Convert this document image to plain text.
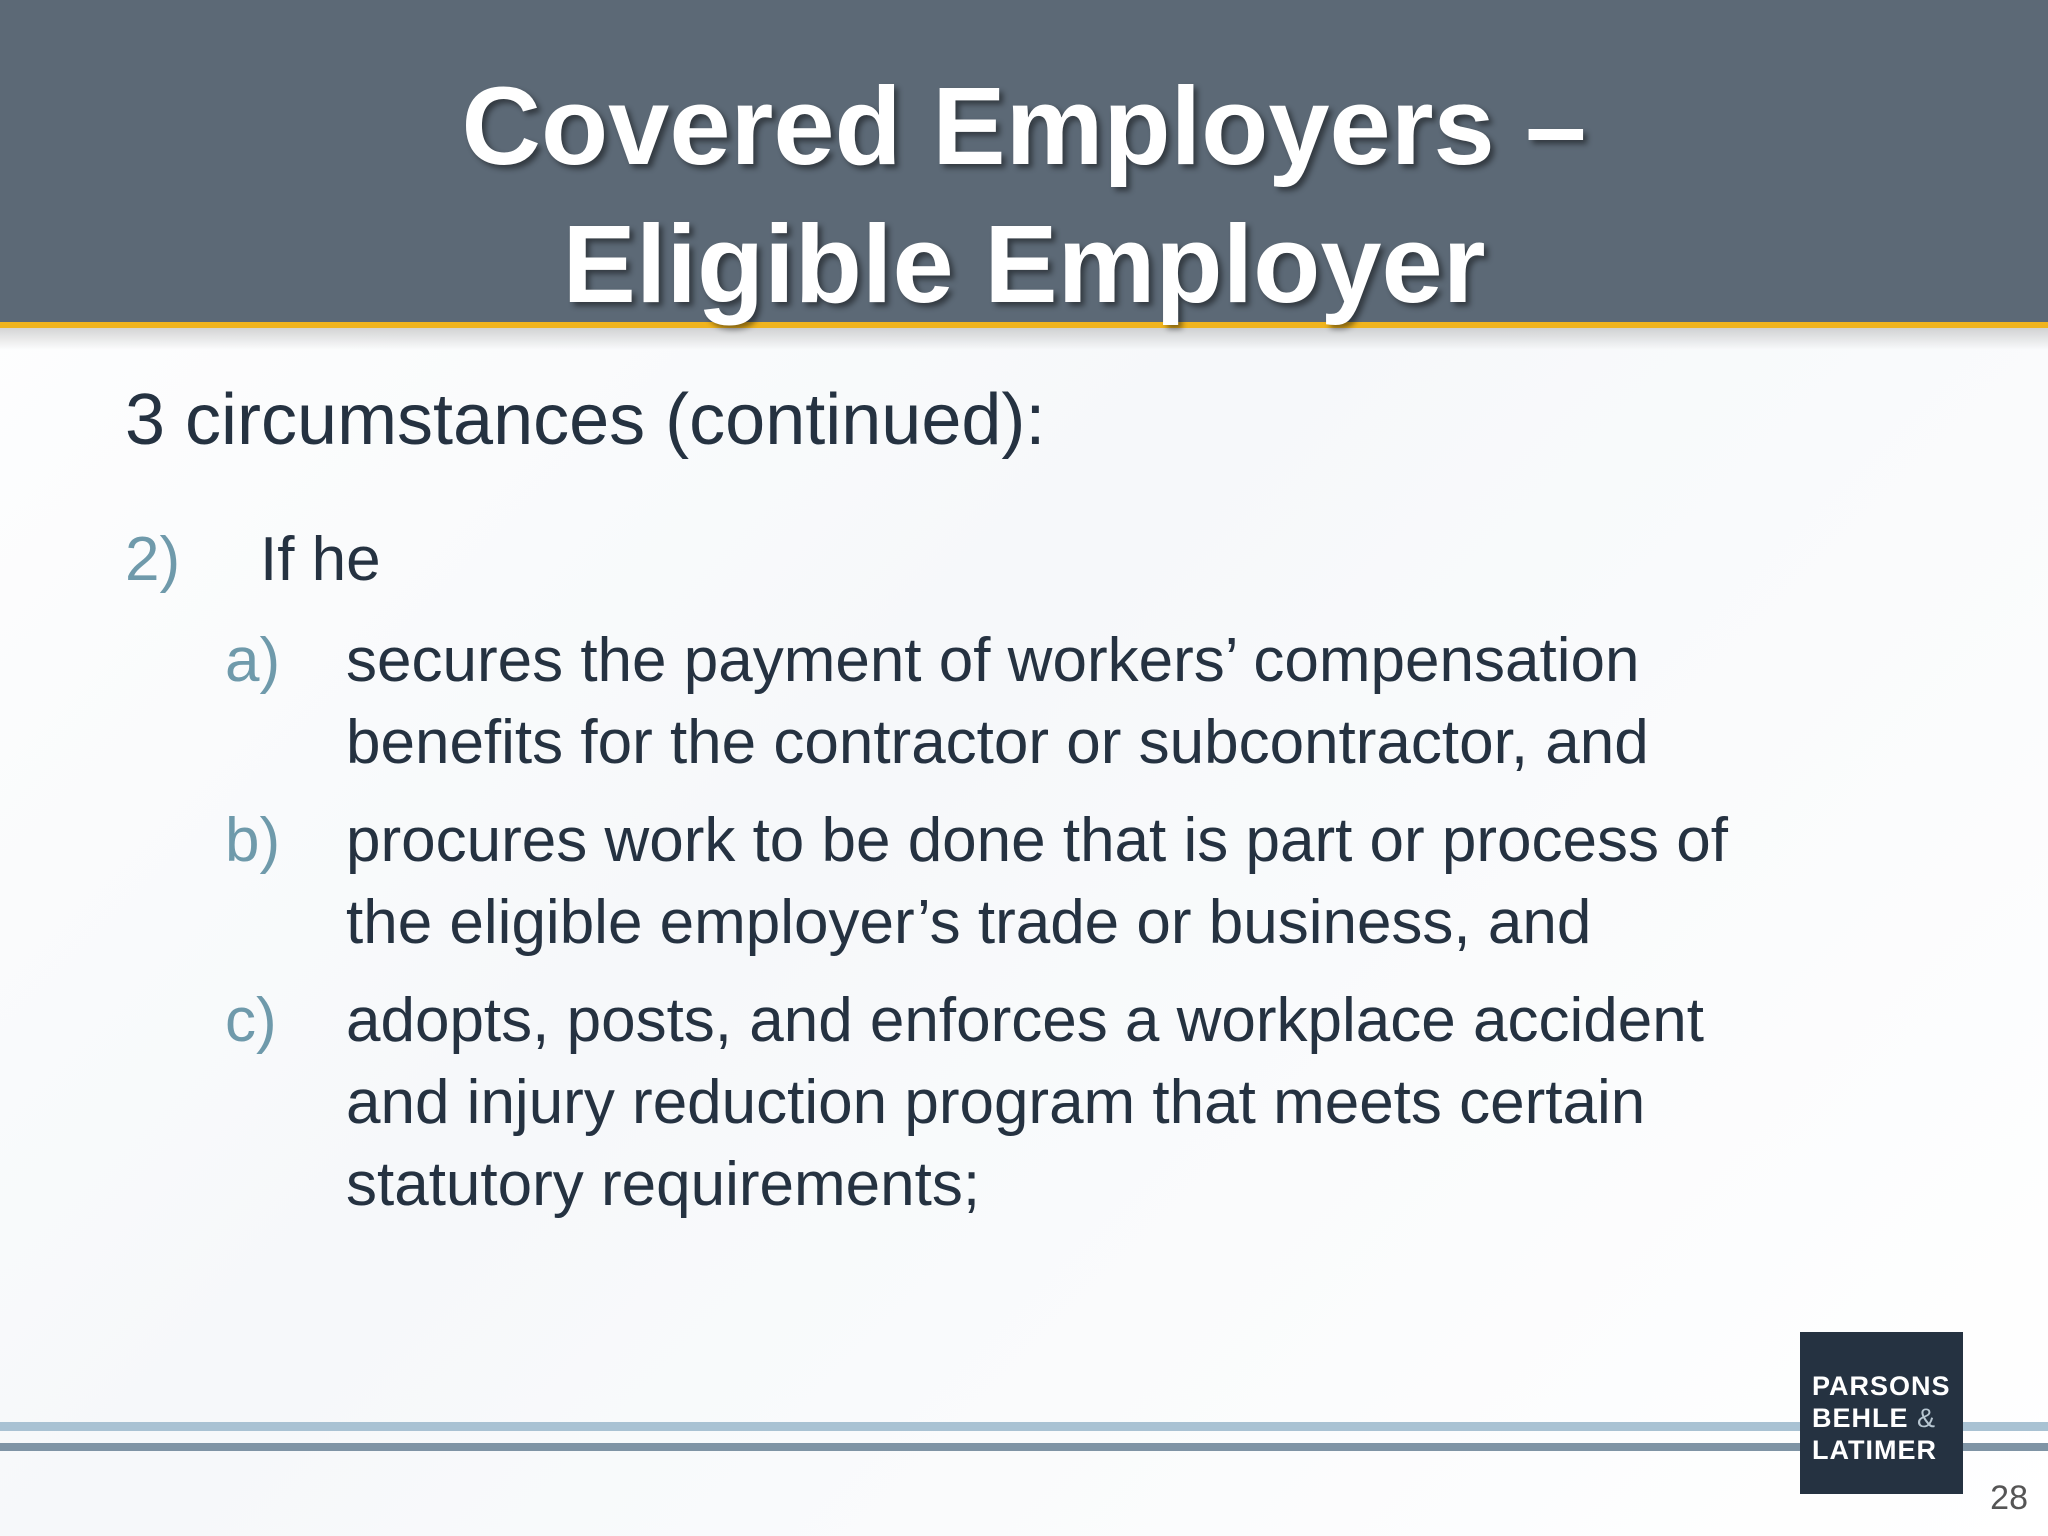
Covered Employers –
Eligible Employer
3 circumstances (continued):
2) If he
a) secures the payment of workers’ compensation
benefits for the contractor or subcontractor, and
b) procures work to be done that is part or process of
the eligible employer’s trade or business, and
c) adopts, posts, and enforces a workplace accident
and injury reduction program that meets certain
statutory requirements;
PARSONS
BEHLE &
LATIMER
28
